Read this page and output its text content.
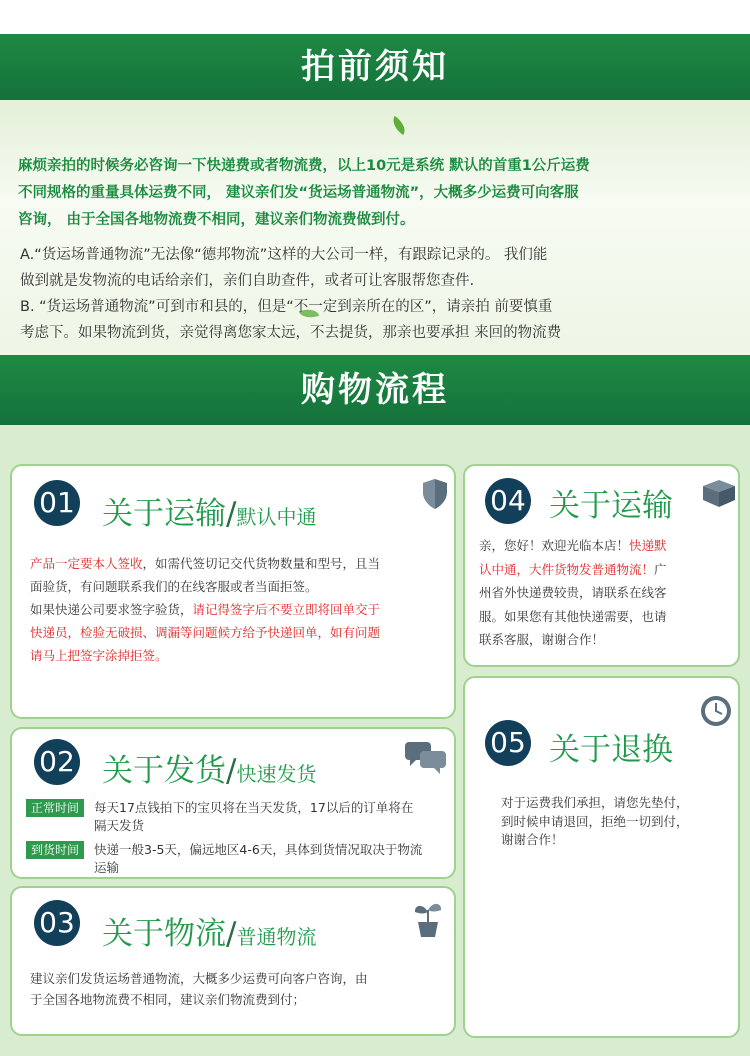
拍前须知
麻烦亲拍的时候务必咨询一下快递费或者物流费，以上10元是系统 默认的首重1公斤运费
不同规格的重量具体运费不同， 建议亲们发“货运场普通物流”，大概多少运费可向客服
咨询， 由于全国各地物流费不相同，建议亲们物流费做到付。
A.“货运场普通物流”无法像“德邦物流”这样的大公司一样，有跟踪记录的。 我们能
做到就是发物流的电话给亲们，亲们自助查件，或者可让客服帮您查件.
B. “货运场普通物流”可到市和县的，但是“不一定到亲所在的区”，请亲拍 前要慎重
考虑下。如果物流到货，亲觉得离您家太远，不去提货，那亲也要承担 来回的物流费
购物流程
01 关于运输/默认中通
产品一定要本人签收，如需代签切记交代货物数量和型号，且当
面验货，有问题联系我们的在线客服或者当面拒签。
如果快递公司要求签字验货，请记得签字后不要立即将回单交于
快递员，检验无破损、调漏等问题候方给予快递回单，如有问题
请马上把签字涂掉拒签。
02 关于发货/快速发货
正常时间	每天17点钱拍下的宝贝将在当天发货，17以后的订单将在隔天发货
到货时间	快递一般3-5天，偏远地区4-6天，具体到货情况取决于物流运输
03 关于物流/普通物流
建议亲们发货运场普通物流，大概多少运费可向客户咨询，由
于全国各地物流费不相同，建议亲们物流费到付；
04 关于运输
亲，您好！欢迎光临本店！快递默
认中通，大件货物发普通物流！广
州省外快递费较贵，请联系在线客
服。如果您有其他快递需要，也请
联系客服，谢谢合作！
05 关于退换
对于运费我们承担，请您先垫付，
到时候申请退回，拒绝一切到付，
谢谢合作！
